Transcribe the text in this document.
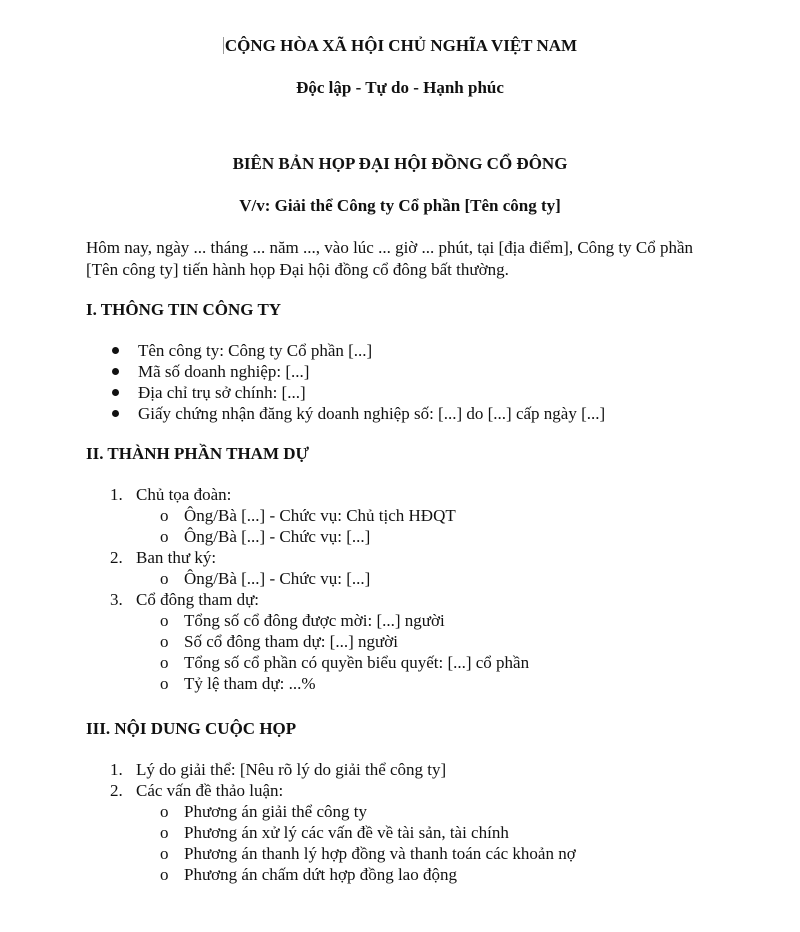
CỘNG HÒA XÃ HỘI CHỦ NGHĨA VIỆT NAM
Độc lập - Tự do - Hạnh phúc
BIÊN BẢN HỌP ĐẠI HỘI ĐỒNG CỔ ĐÔNG
V/v: Giải thể Công ty Cổ phần [Tên công ty]
Hôm nay, ngày ... tháng ... năm ..., vào lúc ... giờ ... phút, tại [địa điểm], Công ty Cổ phần [Tên công ty] tiến hành họp Đại hội đồng cổ đông bất thường.
I. THÔNG TIN CÔNG TY
Tên công ty: Công ty Cổ phần [...]
Mã số doanh nghiệp: [...]
Địa chỉ trụ sở chính: [...]
Giấy chứng nhận đăng ký doanh nghiệp số: [...] do [...] cấp ngày [...]
II. THÀNH PHẦN THAM DỰ
1. Chủ tọa đoàn:
o Ông/Bà [...] - Chức vụ: Chủ tịch HĐQT
o Ông/Bà [...] - Chức vụ: [...]
2. Ban thư ký:
o Ông/Bà [...] - Chức vụ: [...]
3. Cổ đông tham dự:
o Tổng số cổ đông được mời: [...] người
o Số cổ đông tham dự: [...] người
o Tổng số cổ phần có quyền biểu quyết: [...] cổ phần
o Tỷ lệ tham dự: ...%
III. NỘI DUNG CUỘC HỌP
1. Lý do giải thể: [Nêu rõ lý do giải thể công ty]
2. Các vấn đề thảo luận:
o Phương án giải thể công ty
o Phương án xử lý các vấn đề về tài sản, tài chính
o Phương án thanh lý hợp đồng và thanh toán các khoản nợ
o Phương án chấm dứt hợp đồng lao động
